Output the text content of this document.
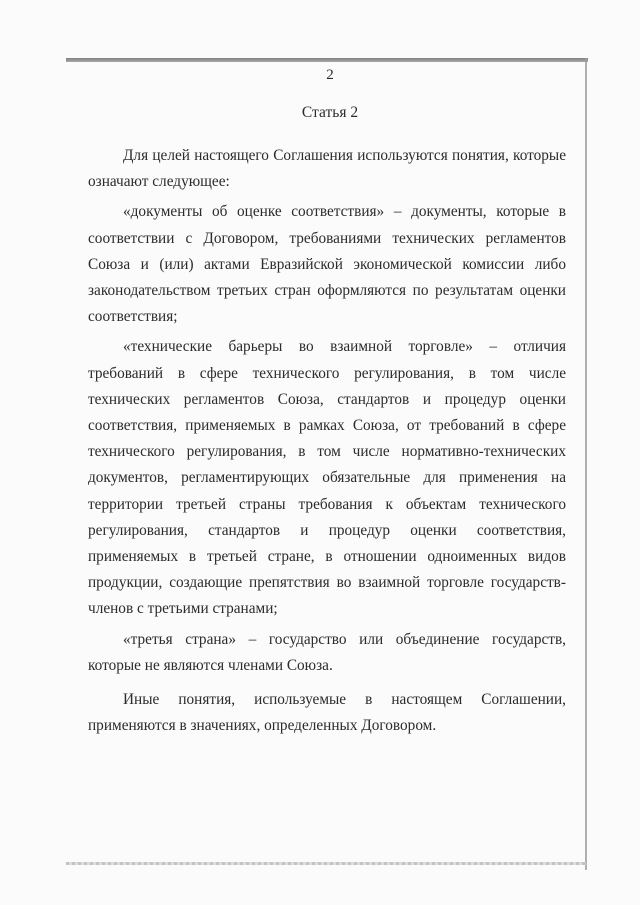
2
Статья 2

Для целей настоящего Соглашения используются понятия, которые означают следующее:

«документы об оценке соответствия» – документы, которые в соответствии с Договором, требованиями технических регламентов Союза и (или) актами Евразийской экономической комиссии либо законодательством третьих стран оформляются по результатам оценки соответствия;

«технические барьеры во взаимной торговле» – отличия требований в сфере технического регулирования, в том числе технических регламентов Союза, стандартов и процедур оценки соответствия, применяемых в рамках Союза, от требований в сфере технического регулирования, в том числе нормативно-технических документов, регламентирующих обязательные для применения на территории третьей страны требования к объектам технического регулирования, стандартов и процедур оценки соответствия, применяемых в третьей стране, в отношении одноименных видов продукции, создающие препятствия во взаимной торговле государств-членов с третьими странами;

«третья страна» – государство или объединение государств, которые не являются членами Союза.

Иные понятия, используемые в настоящем Соглашении, применяются в значениях, определенных Договором.
